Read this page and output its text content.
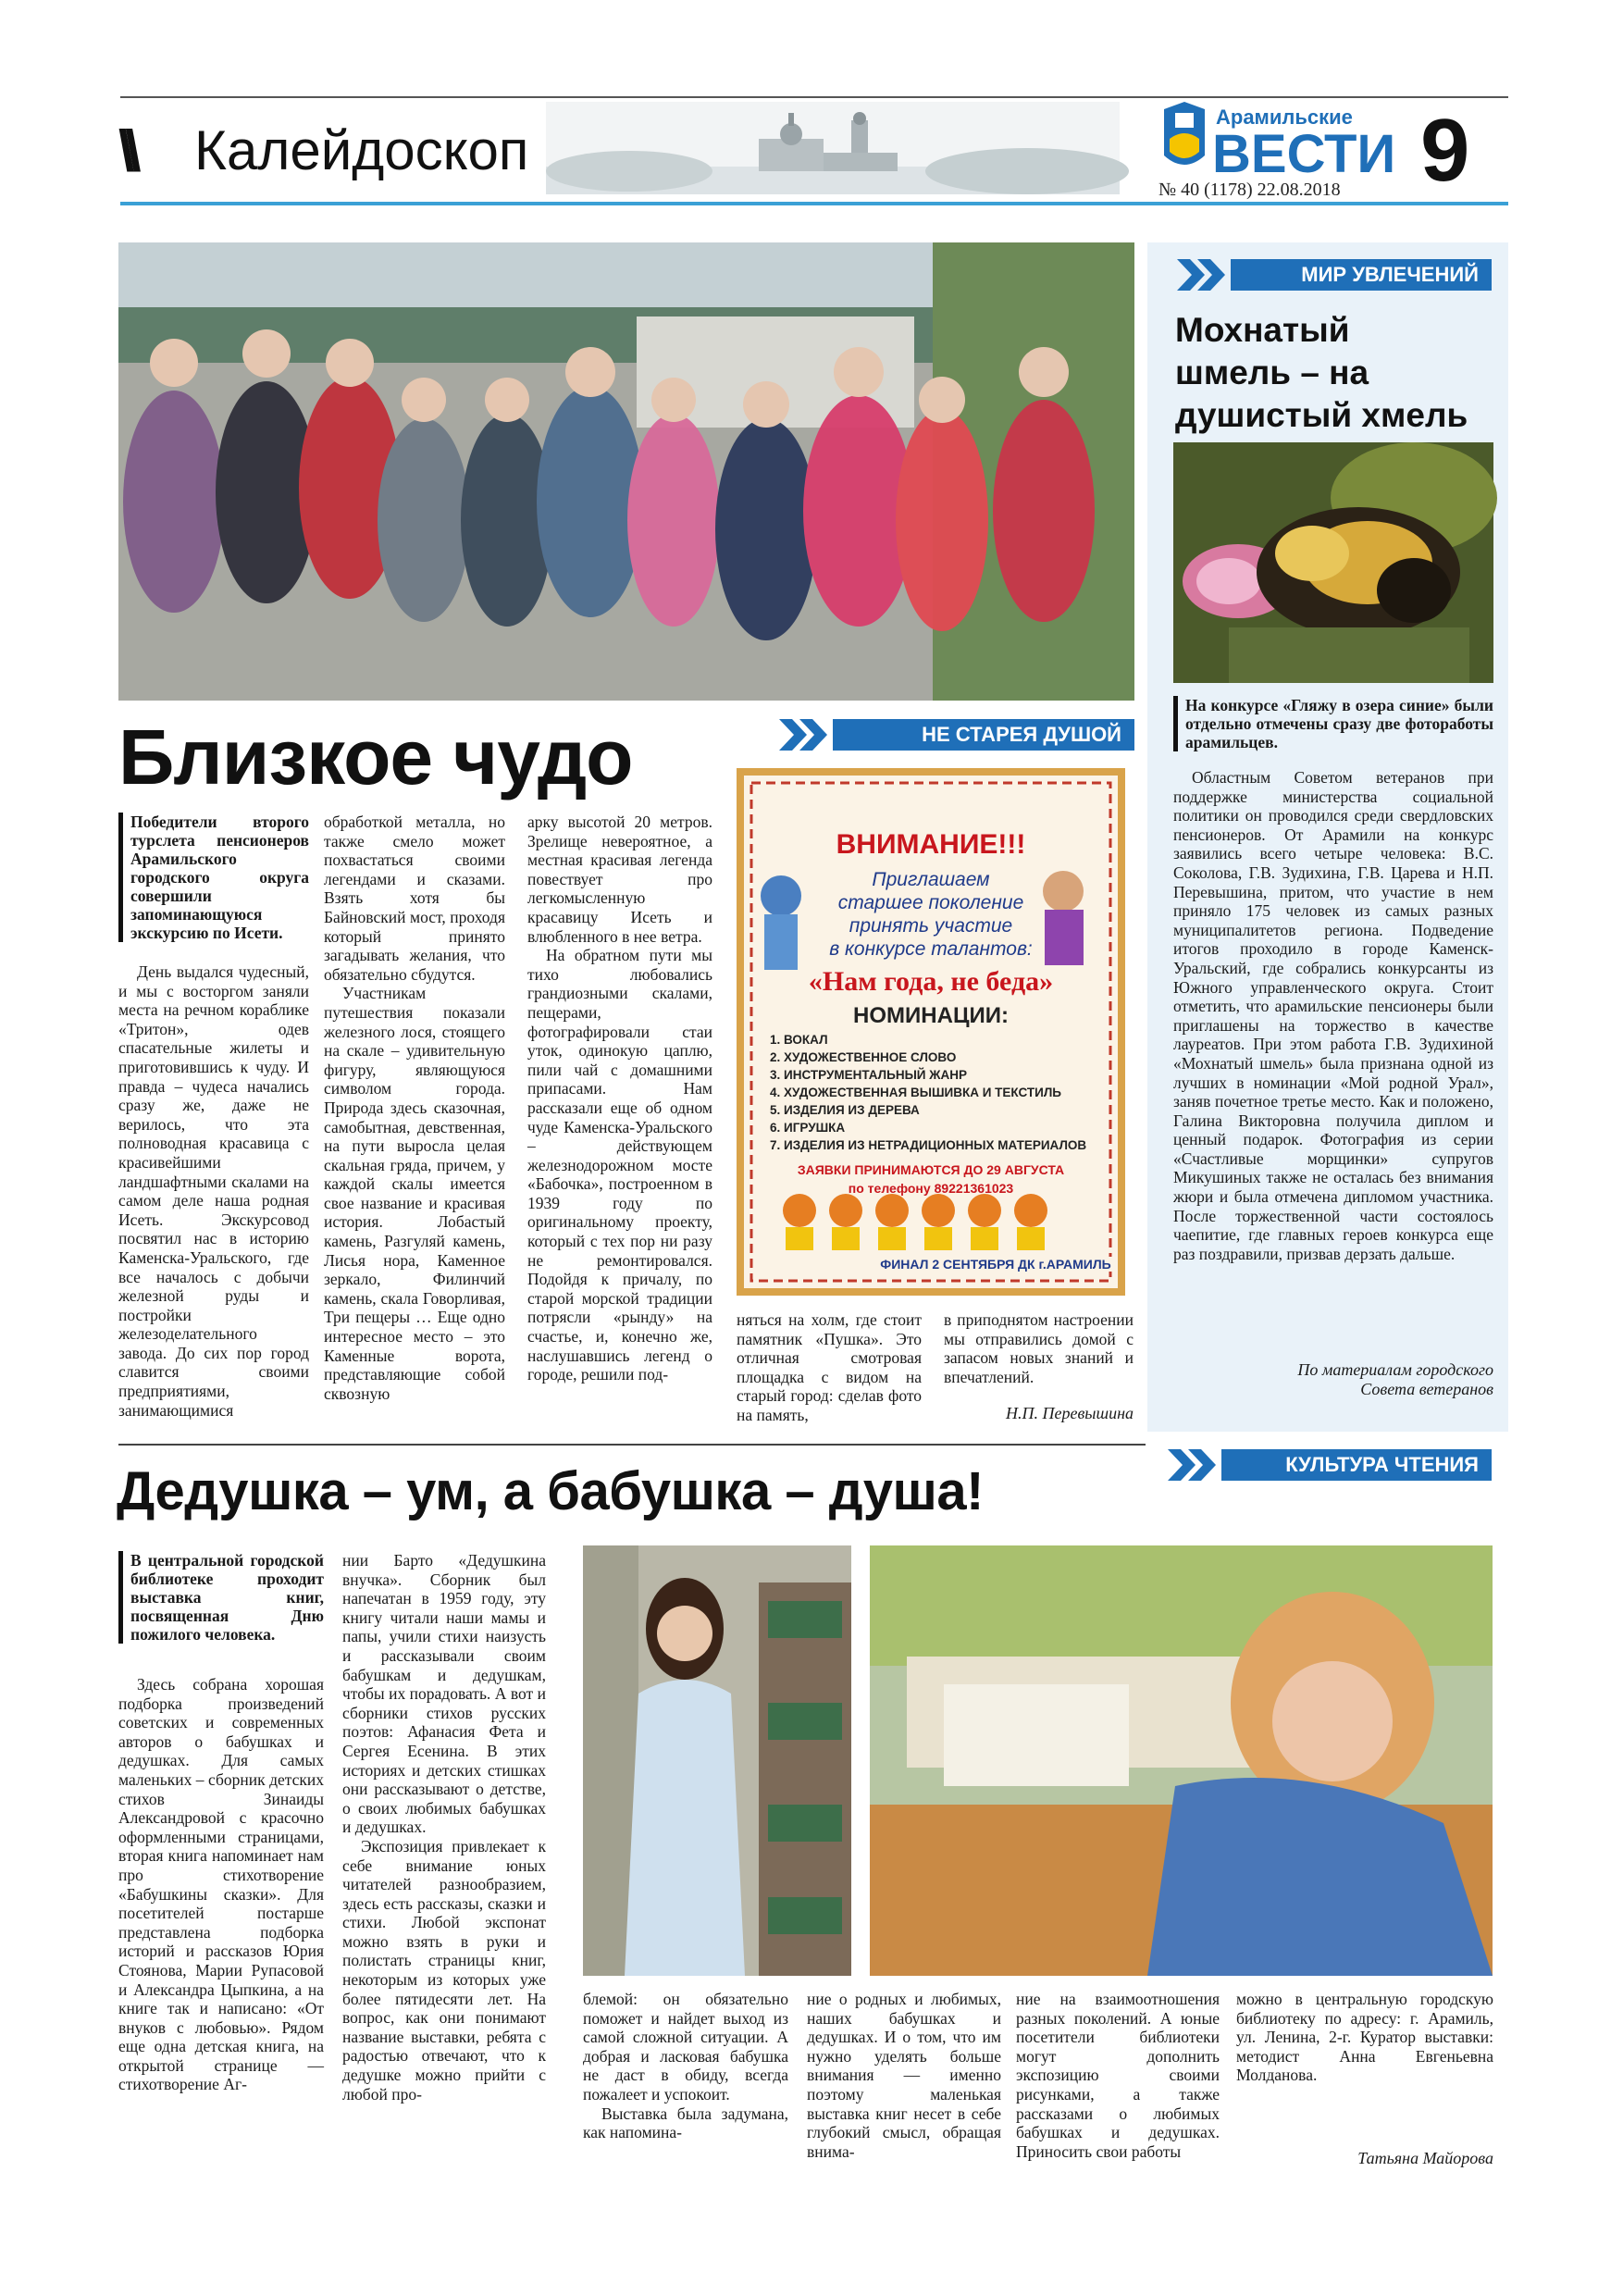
\\ Калейдоскоп
Арамильские
ВЕСТИ 9
№ 40 (1178) 22.08.2018
Близкое чудо	НЕ СТАРЕЯ ДУШОЙ
Победители второго турслета пенсионеров Арамильского городского округа совершили запоминающуюся экскурсию по Исети.

День выдался чудесный, и мы с восторгом заняли места на речном кораблике «Тритон», одев спасательные жилеты и приготовившись к чуду. И правда – чудеса начались сразу же, даже не верилось, что эта полноводная красавица с красивейшими ландшафтными скалами на самом деле наша родная Исеть. Экскурсовод посвятил нас в историю Каменска-Уральского, где все началось с добычи железной руды и постройки железоделательного завода. До сих пор город славится своими предприятиями, занимающимися

обработкой металла, но также смело может похвастаться своими легендами и сказами. Взять хотя бы Байновский мост, проходя который принято загадывать желания, что обязательно сбудутся.

Участникам путешествия показали железного лося, стоящего на скале – удивительную фигуру, являющуюся символом города. Природа здесь сказочная, самобытная, девственная, на пути выросла целая скальная гряда, причем, у каждой скалы имеется свое название и красивая история. Лобастый камень, Разгуляй камень, Лисья нора, Каменное зеркало, Филинчий камень, скала Говорливая, Три пещеры … Еще одно интересное место – это Каменные ворота, представляющие собой сквозную

арку высотой 20 метров. Зрелище невероятное, а местная красивая легенда повествует про легкомысленную красавицу Исеть и влюбленного в нее ветра.

На обратном пути мы тихо любовались грандиозными скалами, пещерами, фотографировали стаи уток, одинокую цаплю, пили чай с домашними припасами. Нам рассказали еще об одном чуде Каменска-Уральского – действующем железнодорожном мосте «Бабочка», построенном в 1939 году по оригинальному проекту, который с тех пор ни разу не ремонтировался. Подойдя к причалу, по старой морской традиции потрясли «рынду» на счастье, и, конечно же, наслушавшись легенд о городе, решили под-

няться на холм, где стоит памятник «Пушка». Это отличная смотровая площадка с видом на старый город: сделав фото на память,

в приподнятом настроении мы отправились домой с запасом новых знаний и впечатлений.

Н.П. Перевышина
ВНИМАНИЕ!!!
Приглашаем
старшее поколение
принять участие
в конкурсе талантов:
«Нам года, не беда»
НОМИНАЦИИ:
1. ВОКАЛ
2. ХУДОЖЕСТВЕННОЕ СЛОВО
3. ИНСТРУМЕНТАЛЬНЫЙ ЖАНР
4. ХУДОЖЕСТВЕННАЯ ВЫШИВКА И ТЕКСТИЛЬ
5. ИЗДЕЛИЯ ИЗ ДЕРЕВА
6. ИГРУШКА
7. ИЗДЕЛИЯ ИЗ НЕТРАДИЦИОННЫХ МАТЕРИАЛОВ
ЗАЯВКИ ПРИНИМАЮТСЯ ДО 29 АВГУСТА
по телефону 89221361023
ФИНАЛ 2 СЕНТЯБРЯ ДК г.АРАМИЛЬ
МИР УВЛЕЧЕНИЙ
Мохнатый
шмель – на
душистый хмель
На конкурсе «Гляжу в озера синие» были отдельно отмечены сразу две фотоработы арамильцев.

Областным Советом ветеранов при поддержке министерства социальной политики он проводился среди свердловских пенсионеров. От Арамили на конкурс заявились всего четыре человека: В.С. Соколова, Г.В. Зудихина, Г.В. Царева и Н.П. Перевышина, притом, что участие в нем приняло 175 человек из самых разных муниципалитетов региона. Подведение итогов проходило в городе Каменск-Уральский, где собрались конкурсанты из Южного управленческого округа. Стоит отметить, что арамильские пенсионеры были приглашены на торжество в качестве лауреатов. При этом работа Г.В. Зудихиной «Мохнатый шмель» была признана одной из лучших в номинации «Мой родной Урал», заняв почетное третье место. Как и положено, Галина Викторовна получила диплом и ценный подарок. Фотография из серии «Счастливые морщинки» супругов Микушиных также не осталась без внимания жюри и была отмечена дипломом участника. После торжественной части состоялось чаепитие, где главных героев конкурса еще раз поздравили, призвав дерзать дальше.

По материалам городского
Совета ветеранов
КУЛЬТУРА ЧТЕНИЯ
Дедушка – ум, а бабушка – душа!
В центральной городской библиотеке проходит выставка книг, посвященная Дню пожилого человека.

Здесь собрана хорошая подборка произведений советских и современных авторов о бабушках и дедушках. Для самых маленьких – сборник детских стихов Зинаиды Александровой с красочно оформленными страницами, вторая книга напоминает нам про стихотворение «Бабушкины сказки». Для посетителей постарше представлена подборка историй и рассказов Юрия Стоянова, Марии Рупасовой и Александра Цыпкина, а на книге так и написано: «От внуков с любовью». Рядом еще одна детская книга, на открытой странице — стихотворение Аг-

нии Барто «Дедушкина внучка». Сборник был напечатан в 1959 году, эту книгу читали наши мамы и папы, учили стихи наизусть и рассказывали своим бабушкам и дедушкам, чтобы их порадовать. А вот и сборники стихов русских поэтов: Афанасия Фета и Сергея Есенина. В этих историях и детских стишках они рассказывают о детстве, о своих любимых бабушках и дедушках.

Экспозиция привлекает к себе внимание юных читателей разнообразием, здесь есть рассказы, сказки и стихи. Любой экспонат можно взять в руки и полистать страницы книг, некоторым из которых уже более пятидесяти лет. На вопрос, как они понимают название выставки, ребята с радостью отвечают, что к дедушке можно прийти с любой про-

блемой: он обязательно поможет и найдет выход из самой сложной ситуации. А добрая и ласковая бабушка не даст в обиду, всегда пожалеет и успокоит.

Выставка была задумана, как напомина-

ние о родных и любимых, наших бабушках и дедушках. И о том, что им нужно уделять больше внимания — именно поэтому маленькая выставка книг несет в себе глубокий смысл, обращая внима-

ние на взаимоотношения разных поколений. А юные посетители библиотеки могут дополнить экспозицию своими рисунками, а также рассказами о любимых бабушках и дедушках. Приносить свои работы

можно в центральную городскую библиотеку по адресу: г. Арамиль, ул. Ленина, 2-г. Куратор выставки: методист Анна Евгеньевна Молданова.

Татьяна Майорова
